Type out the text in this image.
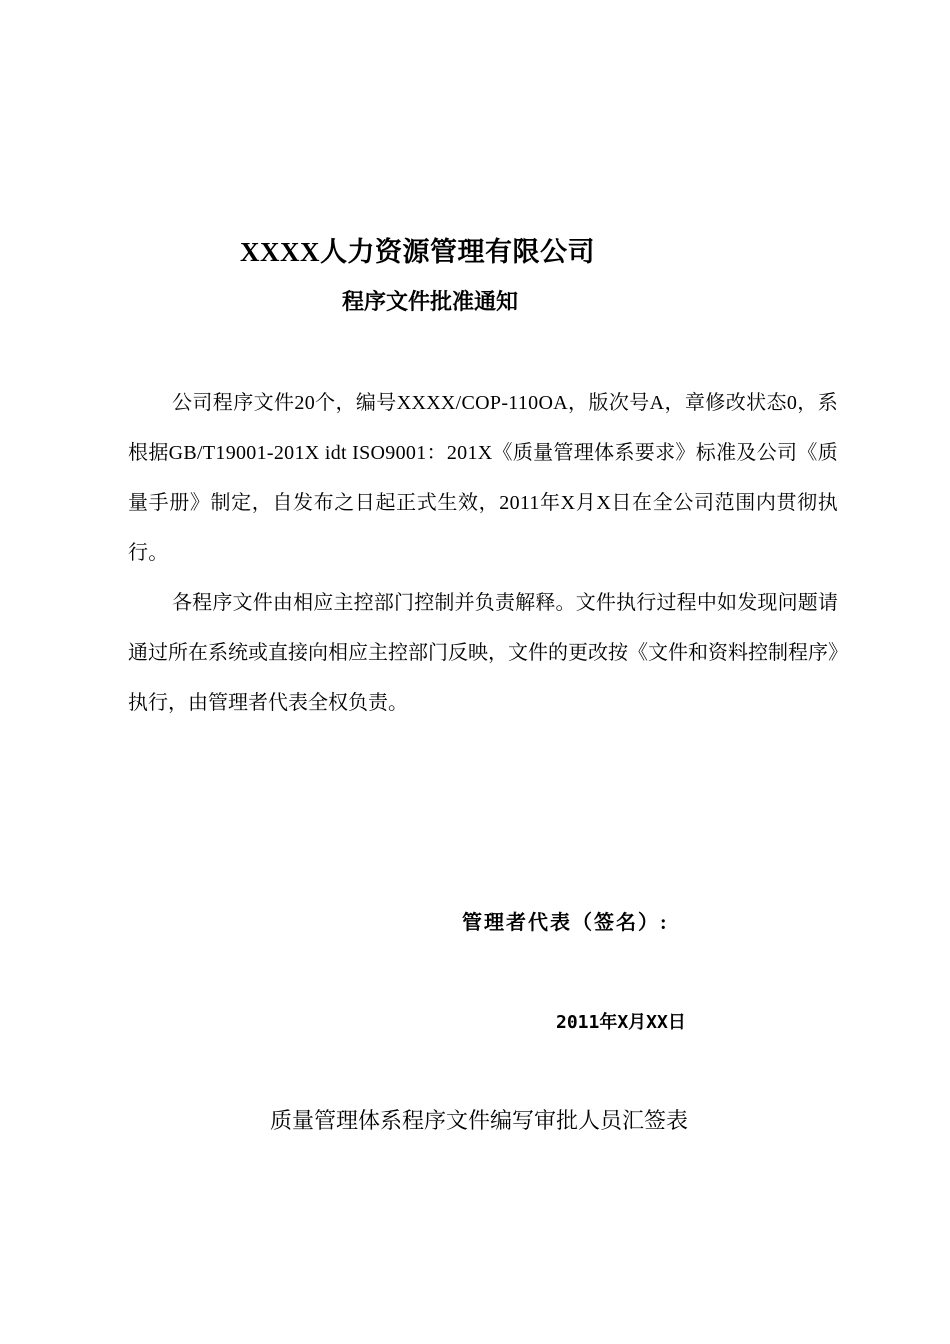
XXXX人力资源管理有限公司
程序文件批准通知

公司程序文件20个，编号XXXX/COP-110OA，版次号A，章修改状态0，系根据GB/T19001-201X idt ISO9001：201X《质量管理体系要求》标准及公司《质量手册》制定，自发布之日起正式生效，2011年X月X日在全公司范围内贯彻执行。

各程序文件由相应主控部门控制并负责解释。文件执行过程中如发现问题请通过所在系统或直接向相应主控部门反映，文件的更改按《文件和资料控制程序》执行，由管理者代表全权负责。

管理者代表（签名）:
2011年X月XX日
质量管理体系程序文件编写审批人员汇签表
